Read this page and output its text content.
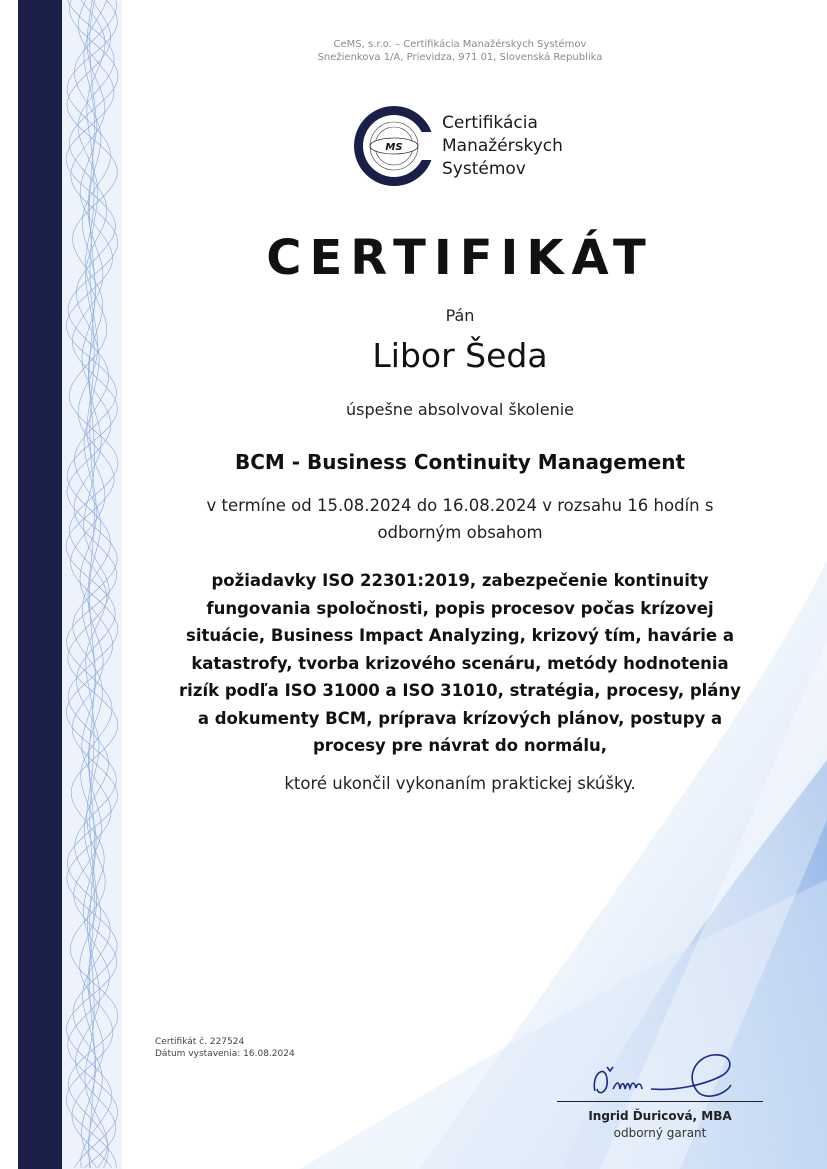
CeMS, s.r.o. – Certifikácia Manažérskych Systémov
Snežienkova 1/A, Prievidza, 971 01, Slovenská Republika
MS
Certifikácia
Manažérskych
Systémov
CERTIFIKÁT
Pán
Libor Šeda
úspešne absolvoval školenie
BCM - Business Continuity Management
v termíne od 15.08.2024 do 16.08.2024 v rozsahu 16 hodín s
odborným obsahom
požiadavky ISO 22301:2019, zabezpečenie kontinuity
fungovania spoločnosti, popis procesov počas krízovej
situácie, Business Impact Analyzing, krizový tím, havárie a
katastrofy, tvorba krizového scenáru, metódy hodnotenia
rizík podľa ISO 31000 a ISO 31010, stratégia, procesy, plány
a dokumenty BCM, príprava krízových plánov, postupy a
procesy pre návrat do normálu,
ktoré ukončil vykonaním praktickej skúšky.
Certifikát č. 227524
Dátum vystavenia: 16.08.2024
Ingrid Ďuricová, MBA
odborný garant
